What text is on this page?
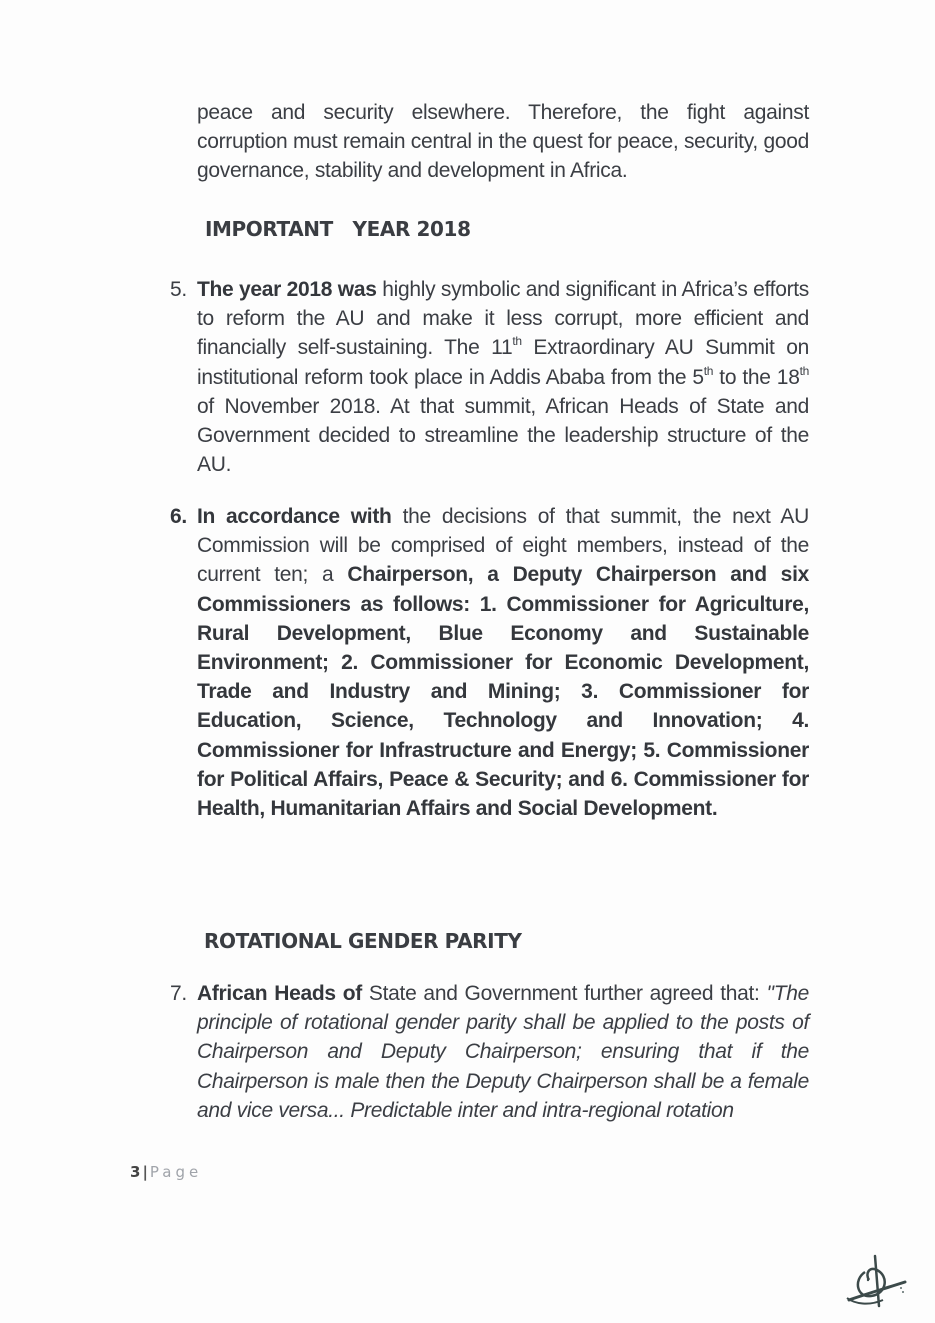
peace and security elsewhere. Therefore, the fight against corruption must remain central in the quest for peace, security, good governance, stability and development in Africa.
IMPORTANT   YEAR 2018
5. The year 2018 was highly symbolic and significant in Africa’s efforts to reform the AU and make it less corrupt, more efficient and financially self-sustaining. The 11th Extraordinary AU Summit on institutional reform took place in Addis Ababa from the 5th to the 18th of November 2018. At that summit, African Heads of State and Government decided to streamline the leadership structure of the AU.
6. In accordance with the decisions of that summit, the next AU Commission will be comprised of eight members, instead of the current ten; a Chairperson, a Deputy Chairperson and six Commissioners as follows: 1. Commissioner for Agriculture, Rural Development, Blue Economy and Sustainable Environment; 2. Commissioner for Economic Development, Trade and Industry and Mining; 3. Commissioner for Education, Science, Technology and Innovation; 4. Commissioner for Infrastructure and Energy; 5. Commissioner for Political Affairs, Peace & Security; and 6. Commissioner for Health, Humanitarian Affairs and Social Development.
ROTATIONAL GENDER PARITY
7. African Heads of State and Government further agreed that: "The principle of rotational gender parity shall be applied to the posts of Chairperson and Deputy Chairperson; ensuring that if the Chairperson is male then the Deputy Chairperson shall be a female and vice versa... Predictable inter and intra-regional rotation
3 | Page
